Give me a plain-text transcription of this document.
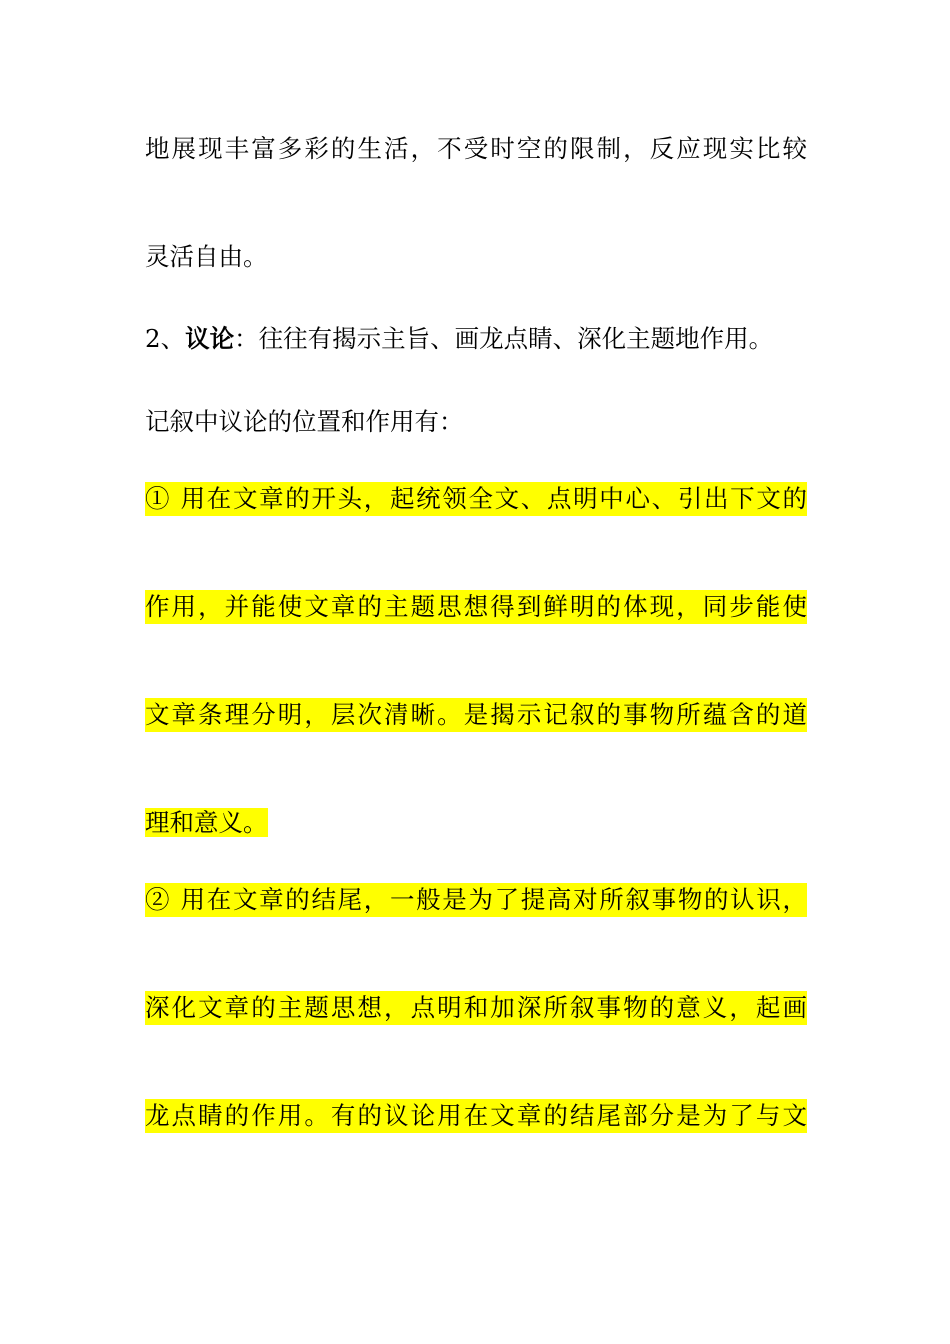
地展现丰富多彩的生活，不受时空的限制，反应现实比较
灵活自由。
2、议论：往往有揭示主旨、画龙点睛、深化主题地作用。
记叙中议论的位置和作用有：
① 用在文章的开头，起统领全文、点明中心、引出下文的
作用，并能使文章的主题思想得到鲜明的体现，同步能使
文章条理分明，层次清晰。是揭示记叙的事物所蕴含的道
理和意义。
② 用在文章的结尾，一般是为了提高对所叙事物的认识，
深化文章的主题思想，点明和加深所叙事物的意义，起画
龙点睛的作用。有的议论用在文章的结尾部分是为了与文
